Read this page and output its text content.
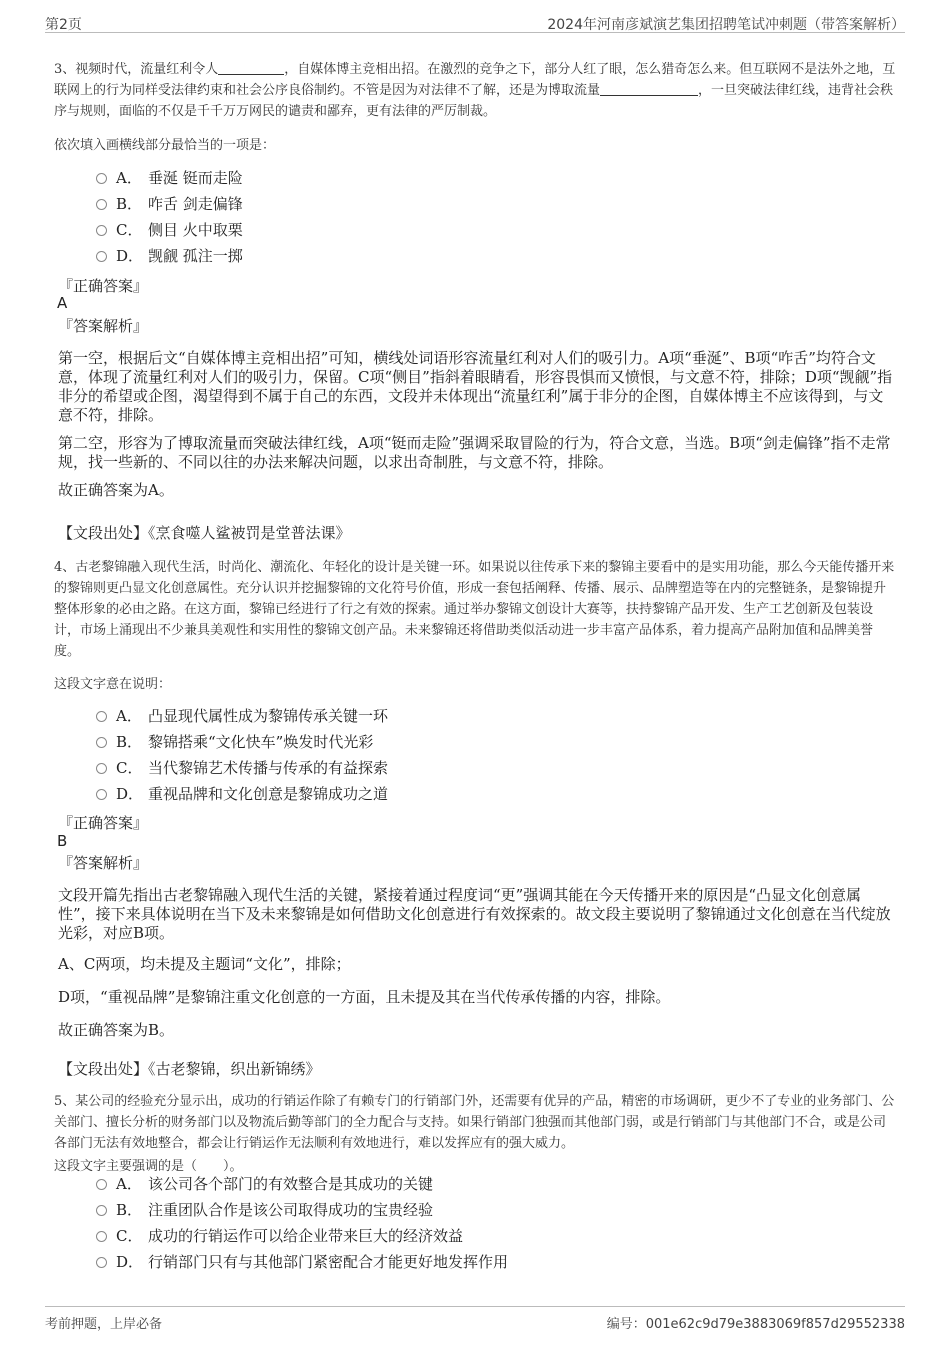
第2页	2024年河南彦斌演艺集团招聘笔试冲刺题（带答案解析）

3、视频时代，流量红利令人	，自媒体博主竞相出招。在激烈的竞争之下，部分人红了眼，怎么猎奇怎么来。但互联网不是法外之地，互联网上的行为同样受法律约束和社会公序良俗制约。不管是因为对法律不了解，还是为博取流量	，一旦突破法律红线，违背社会秩序与规则，面临的不仅是千千万万网民的谴责和鄙弃，更有法律的严厉制裁。

依次填入画横线部分最恰当的一项是：
A． 垂涎 铤而走险
B． 咋舌 剑走偏锋
C． 侧目 火中取栗
D． 觊觎 孤注一掷
『正确答案』
A
『答案解析』

第一空，根据后文“自媒体博主竞相出招”可知，横线处词语形容流量红利对人们的吸引力。A项“垂涎”、B项“咋舌”均符合文意，体现了流量红利对人们的吸引力，保留。C项“侧目”指斜着眼睛看，形容畏惧而又愤恨，与文意不符，排除；D项“觊觎”指非分的希望或企图，渴望得到不属于自己的东西，文段并未体现出“流量红利”属于非分的企图，自媒体博主不应该得到，与文意不符，排除。

第二空，形容为了博取流量而突破法律红线，A项“铤而走险”强调采取冒险的行为，符合文意，当选。B项“剑走偏锋”指不走常规，找一些新的、不同以往的办法来解决问题，以求出奇制胜，与文意不符，排除。

故正确答案为A。

【文段出处】《烹食噬人鲨被罚是堂普法课》

4、古老黎锦融入现代生活，时尚化、潮流化、年轻化的设计是关键一环。如果说以往传承下来的黎锦主要看中的是实用功能，那么今天能传播开来的黎锦则更凸显文化创意属性。充分认识并挖掘黎锦的文化符号价值，形成一套包括阐释、传播、展示、品牌塑造等在内的完整链条，是黎锦提升整体形象的必由之路。在这方面，黎锦已经进行了行之有效的探索。通过举办黎锦文创设计大赛等，扶持黎锦产品开发、生产工艺创新及包装设计，市场上涌现出不少兼具美观性和实用性的黎锦文创产品。未来黎锦还将借助类似活动进一步丰富产品体系，着力提高产品附加值和品牌美誉度。

这段文字意在说明：
A． 凸显现代属性成为黎锦传承关键一环
B． 黎锦搭乘“文化快车”焕发时代光彩
C． 当代黎锦艺术传播与传承的有益探索
D． 重视品牌和文化创意是黎锦成功之道
『正确答案』
B
『答案解析』

文段开篇先指出古老黎锦融入现代生活的关键，紧接着通过程度词“更”强调其能在今天传播开来的原因是“凸显文化创意属性”，接下来具体说明在当下及未来黎锦是如何借助文化创意进行有效探索的。故文段主要说明了黎锦通过文化创意在当代绽放光彩，对应B项。

A、C两项，均未提及主题词“文化”，排除；

D项，“重视品牌”是黎锦注重文化创意的一方面，且未提及其在当代传承传播的内容，排除。

故正确答案为B。

【文段出处】《古老黎锦，织出新锦绣》

5、某公司的经验充分显示出，成功的行销运作除了有赖专门的行销部门外，还需要有优异的产品，精密的市场调研，更少不了专业的业务部门、公关部门、擅长分析的财务部门以及物流后勤等部门的全力配合与支持。如果行销部门独强而其他部门弱，或是行销部门与其他部门不合，或是公司各部门无法有效地整合，都会让行销运作无法顺利有效地进行，难以发挥应有的强大威力。

这段文字主要强调的是（　　）。
A． 该公司各个部门的有效整合是其成功的关键
B． 注重团队合作是该公司取得成功的宝贵经验
C． 成功的行销运作可以给企业带来巨大的经济效益
D． 行销部门只有与其他部门紧密配合才能更好地发挥作用
考前押题，上岸必备	编号：001e62c9d79e3883069f857d29552338
